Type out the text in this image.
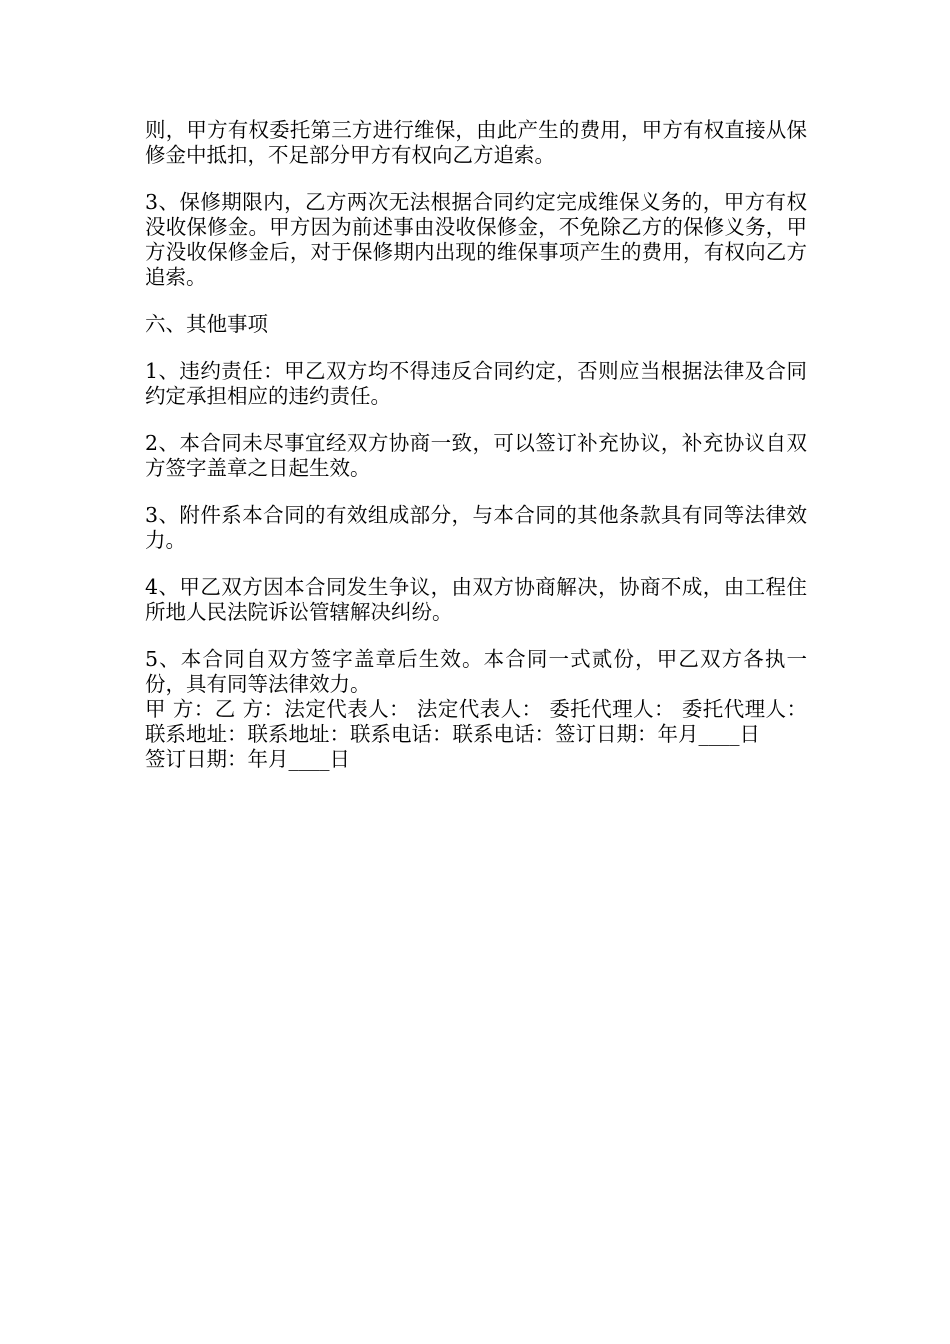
则，甲方有权委托第三方进行维保，由此产生的费用，甲方有权直接从保修金中抵扣，不足部分甲方有权向乙方追索。

3、保修期限内，乙方两次无法根据合同约定完成维保义务的，甲方有权没收保修金。甲方因为前述事由没收保修金，不免除乙方的保修义务，甲方没收保修金后，对于保修期内出现的维保事项产生的费用，有权向乙方追索。

六、其他事项

1、违约责任：甲乙双方均不得违反合同约定，否则应当根据法律及合同约定承担相应的违约责任。

2、本合同未尽事宜经双方协商一致，可以签订补充协议，补充协议自双方签字盖章之日起生效。

3、附件系本合同的有效组成部分，与本合同的其他条款具有同等法律效力。

4、甲乙双方因本合同发生争议，由双方协商解决，协商不成，由工程住所地人民法院诉讼管辖解决纠纷。

5、本合同自双方签字盖章后生效。本合同一式贰份，甲乙双方各执一份，具有同等法律效力。

甲 方：乙 方：法定代表人： 法定代表人： 委托代理人： 委托代理人： 联系地址：联系地址：联系电话：联系电话：签订日期：年月____日

签订日期：年月____日
